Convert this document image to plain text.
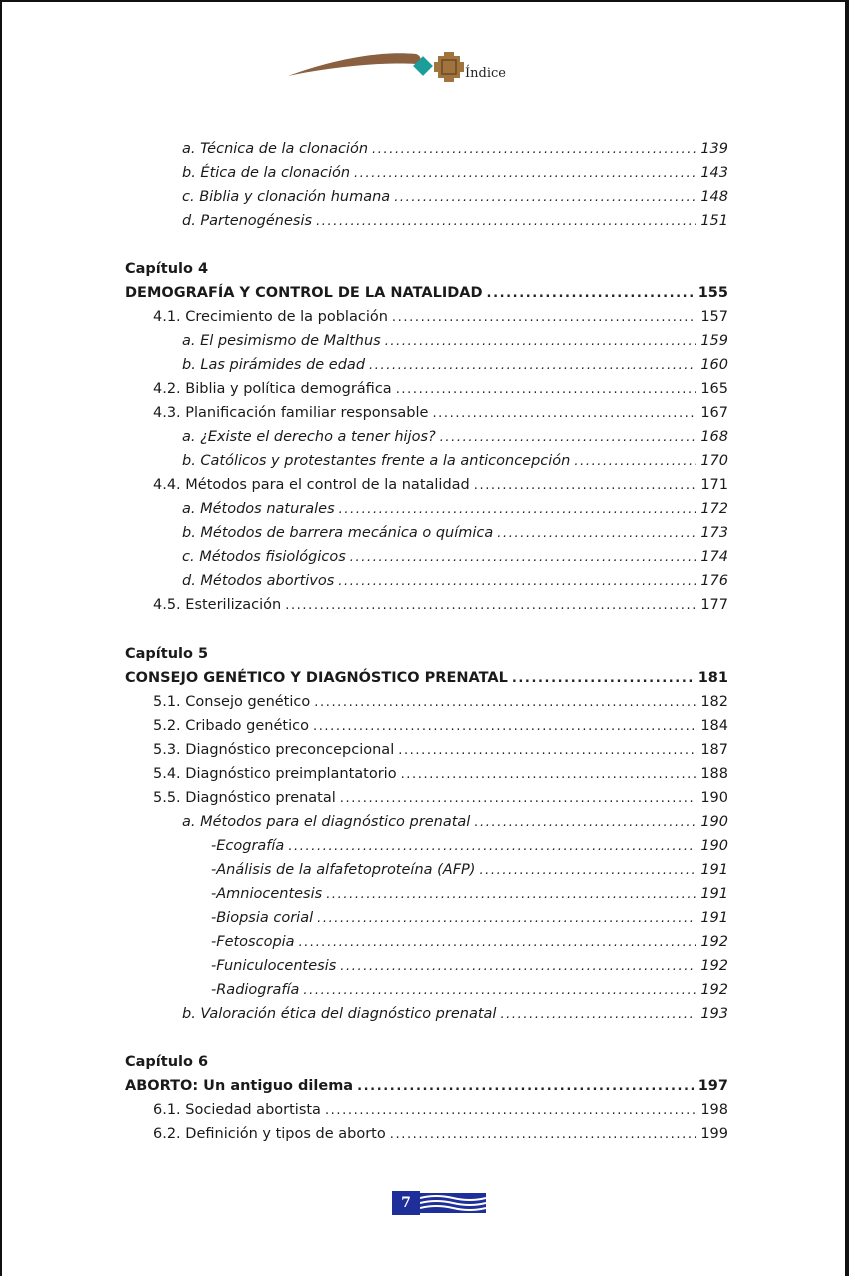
Índice
a. Técnica de la clonación .....	139
b. Ética de la clonación .....	143
c. Biblia y clonación humana .....	148
d. Partenogénesis .....	151
Capítulo 4
DEMOGRAFÍA Y CONTROL DE LA NATALIDAD .....	155
4.1. Crecimiento de la población .....	157
a. El pesimismo de Malthus .....	159
b. Las pirámides de edad .....	160
4.2. Biblia y política demográfica .....	165
4.3. Planificación familiar responsable .....	167
a. ¿Existe el derecho a tener hijos? .....	168
b. Católicos y protestantes frente a la anticoncepción .....	170
4.4. Métodos para el control de la natalidad .....	171
a. Métodos naturales .....	172
b. Métodos de barrera mecánica o química .....	173
c. Métodos fisiológicos .....	174
d. Métodos abortivos .....	176
4.5. Esterilización .....	177
Capítulo 5
CONSEJO GENÉTICO Y DIAGNÓSTICO PRENATAL .....	181
5.1. Consejo genético .....	182
5.2. Cribado genético .....	184
5.3. Diagnóstico preconcepcional .....	187
5.4. Diagnóstico preimplantatorio .....	188
5.5. Diagnóstico prenatal .....	190
a. Métodos para el diagnóstico prenatal .....	190
-Ecografía .....	190
-Análisis de la alfafetoproteína (AFP) .....	191
-Amniocentesis .....	191
-Biopsia corial .....	191
-Fetoscopia .....	192
-Funiculocentesis .....	192
-Radiografía .....	192
b. Valoración ética del diagnóstico prenatal .....	193
Capítulo 6
ABORTO: Un antiguo dilema .....	197
6.1. Sociedad abortista .....	198
6.2. Definición y tipos de aborto .....	199
7
